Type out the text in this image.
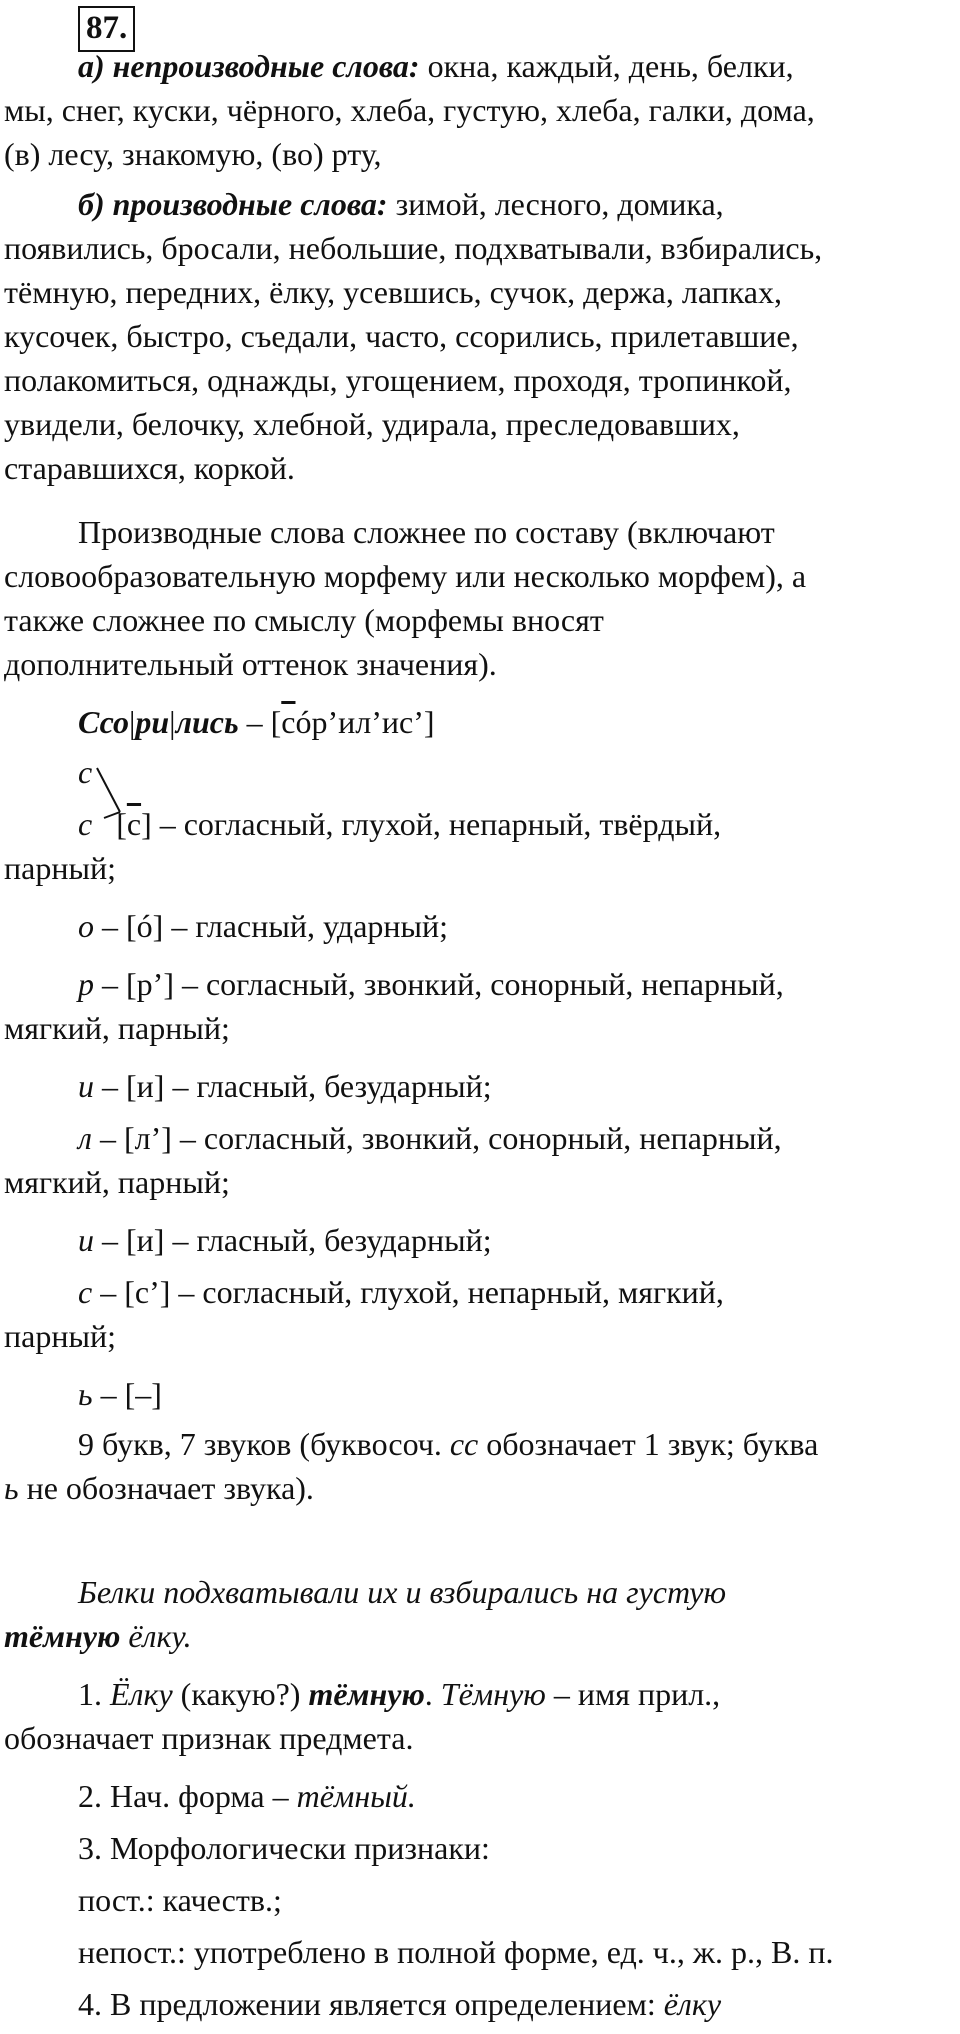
87.
а) непроизводные слова: окна, каждый, день, белки,
мы, снег, куски, чёрного, хлеба, густую, хлеба, галки, дома,
(в) лесу, знакомую, (во) рту,
б) производные слова: зимой, лесного, домика,
появились, бросали, небольшие, подхватывали, взбирались,
тёмную, передних, ёлку, усевшись, сучок, держа, лапках,
кусочек, быстро, съедали, часто, ссорились, прилетавшие,
полакомиться, однажды, угощением, проходя, тропинкой,
увидели, белочку, хлебной, удирала, преследовавших,
старавшихся, коркой.
Производные слова сложнее по составу (включают
словообразовательную морфему или несколько морфем), а
также сложнее по смыслу (морфемы вносят
дополнительный оттенок значения).
Ссо|ри|лись – [сóр’ил’ис’]
с
с [с] – согласный, глухой, непарный, твёрдый,
парный;
о – [ó] – гласный, ударный;
р – [р’] – согласный, звонкий, сонорный, непарный,
мягкий, парный;
и – [и] – гласный, безударный;
л – [л’] – согласный, звонкий, сонорный, непарный,
мягкий, парный;
и – [и] – гласный, безударный;
с – [с’] – согласный, глухой, непарный, мягкий,
парный;
ь – [–]
9 букв, 7 звуков (буквосоч. сс обозначает 1 звук; буква
ь не обозначает звука).
Белки подхватывали их и взбирались на густую
тёмную ёлку.
1. Ёлку (какую?) тёмную. Тёмную – имя прил.,
обозначает признак предмета.
2. Нач. форма – тёмный.
3. Морфологически признаки:
пост.: качеств.;
непост.: употреблено в полной форме, ед. ч., ж. р., В. п.
4. В предложении является определением: ёлку
